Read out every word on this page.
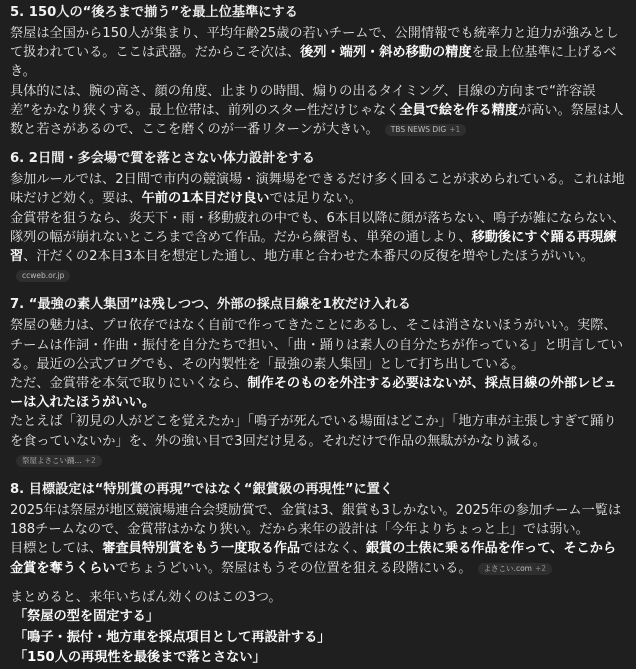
5. 150人の“後ろまで揃う”を最上位基準にする

祭屋は全国から150人が集まり、平均年齢25歳の若いチームで、公開情報でも統率力と迫力が強みとして扱われている。ここは武器。だからこそ次は、後列・端列・斜め移動の精度を最上位基準に上げるべき。

具体的には、腕の高さ、顔の角度、止まりの時間、煽りの出るタイミング、目線の方向まで“許容誤差”をかなり狭くする。最上位帯は、前列のスター性だけじゃなく全員で絵を作る精度が高い。祭屋は人数と若さがあるので、ここを磨くのが一番リターンが大きい。 TBS NEWS DIG +1

6. 2日間・多会場で質を落とさない体力設計をする

参加ルールでは、2日間で市内の競演場・演舞場をできるだけ多く回ることが求められている。これは地味だけど効く。要は、午前の1本目だけ良いでは足りない。

金賞帯を狙うなら、炎天下・雨・移動疲れの中でも、6本目以降に顔が落ちない、鳴子が雑にならない、隊列の幅が崩れないところまで含めて作品。だから練習も、単発の通しより、移動後にすぐ踊る再現練習、汗だくの2本目3本目を想定した通し、地方車と合わせた本番尺の反復を増やしたほうがいい。ccweb.or.jp

7. “最強の素人集団”は残しつつ、外部の採点目線を1枚だけ入れる

祭屋の魅力は、プロ依存ではなく自前で作ってきたことにあるし、そこは消さないほうがいい。実際、チームは作詞・作曲・振付を自分たちで担い、「曲・踊りは素人の自分たちが作っている」と明言している。最近の公式ブログでも、その内製性を「最強の素人集団」として打ち出している。

ただ、金賞帯を本気で取りにいくなら、制作そのものを外注する必要はないが、採点目線の外部レビューは入れたほうがいい。

たとえば「初見の人がどこを覚えたか」「鳴子が死んでいる場面はどこか」「地方車が主張しすぎて踊りを食っていないか」を、外の強い目で3回だけ見る。それだけで作品の無駄がかなり減る。祭屋よさこい踊... +2

8. 目標設定は“特別賞の再現”ではなく“銀賞級の再現性”に置く

2025年は祭屋が地区競演場連合会奨励賞で、金賞は3、銀賞も3しかない。2025年の参加チーム一覧は188チームなので、金賞帯はかなり狭い。だから来年の設計は「今年よりちょっと上」では弱い。

目標としては、審査員特別賞をもう一度取る作品ではなく、銀賞の土俵に乗る作品を作って、そこから金賞を奪うくらいでちょうどいい。祭屋はもうその位置を狙える段階にいる。 よさこい.com +2

まとめると、来年いちばん効くのはこの3つ。

「祭屋の型を固定する」

「鳴子・振付・地方車を採点項目として再設計する」

「150人の再現性を最後まで落とさない」
